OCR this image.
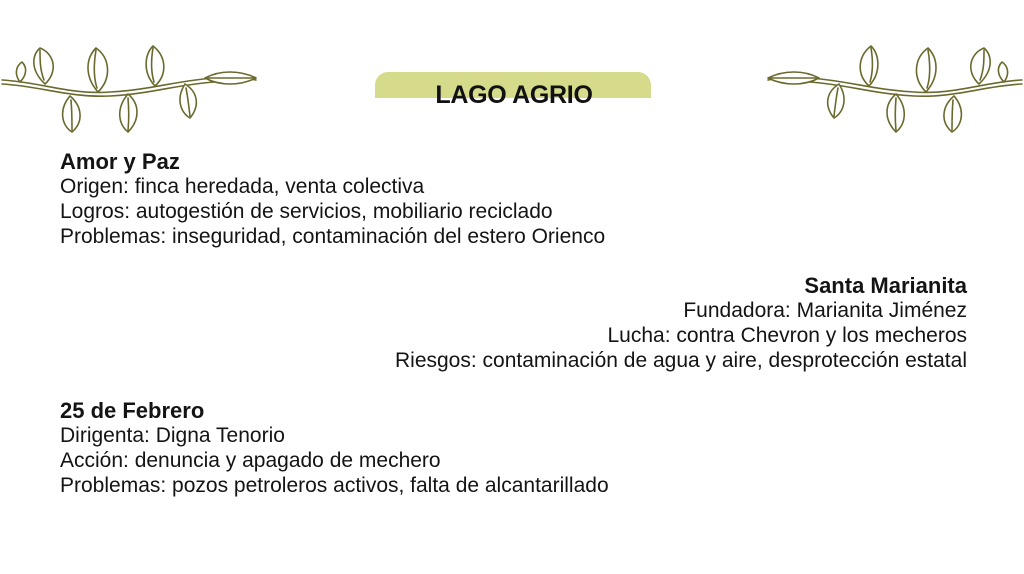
LAGO AGRIO
Amor y Paz
Origen: finca heredada, venta colectiva
Logros: autogestión de servicios, mobiliario reciclado
Problemas: inseguridad, contaminación del estero Orienco
Santa Marianita
Fundadora: Marianita Jiménez
Lucha: contra Chevron y los mecheros
Riesgos: contaminación de agua y aire, desprotección estatal
25 de Febrero
Dirigenta: Digna Tenorio
Acción: denuncia y apagado de mechero
Problemas: pozos petroleros activos, falta de alcantarillado
